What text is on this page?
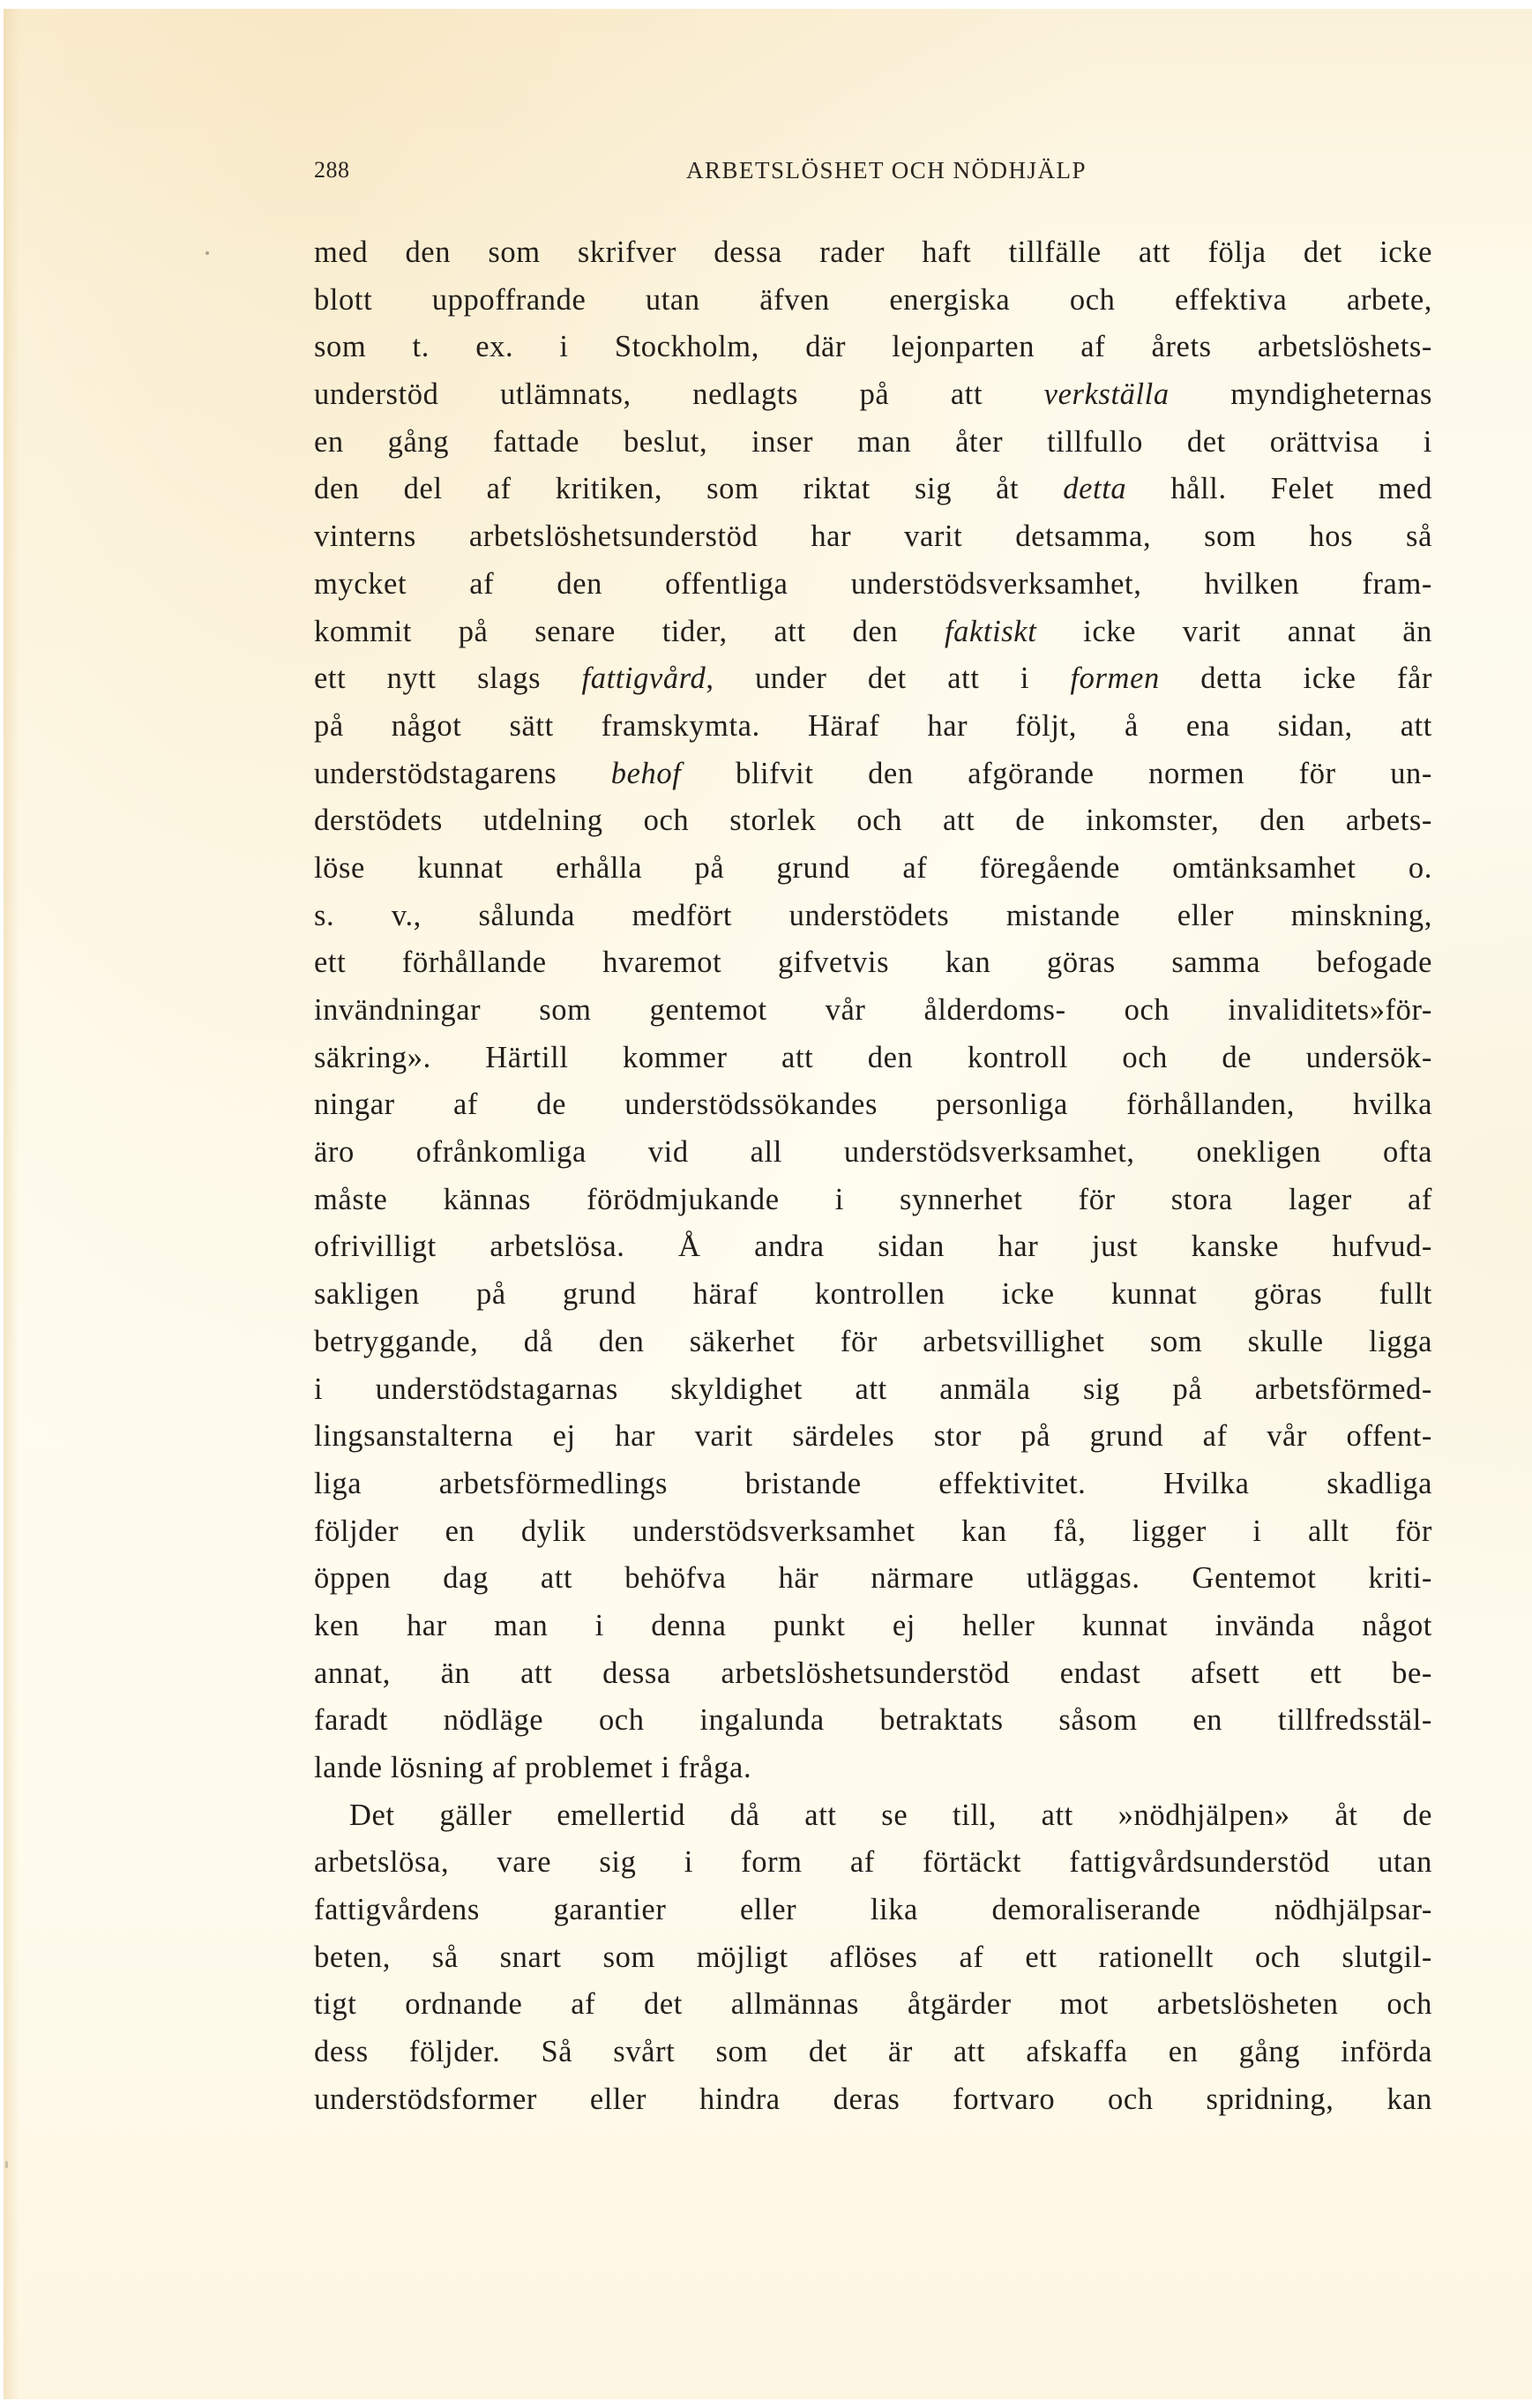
288	ARBETSLÖSHET OCH NÖDHJÄLP
med den som skrifver dessa rader haft tillfälle att följa det icke
blott uppoffrande utan äfven energiska och effektiva arbete,
som t. ex. i Stockholm, där lejonparten af årets arbetslöshets-
understöd utlämnats, nedlagts på att verkställa myndigheternas
en gång fattade beslut, inser man åter tillfullo det orättvisa i
den del af kritiken, som riktat sig åt detta håll. Felet med
vinterns arbetslöshetsunderstöd har varit detsamma, som hos så
mycket af den offentliga understödsverksamhet, hvilken fram-
kommit på senare tider, att den faktiskt icke varit annat än
ett nytt slags fattigvård, under det att i formen detta icke får
på något sätt framskymta. Häraf har följt, å ena sidan, att
understödstagarens behof blifvit den afgörande normen för un-
derstödets utdelning och storlek och att de inkomster, den arbets-
löse kunnat erhålla på grund af föregående omtänksamhet o.
s. v., sålunda medfört understödets mistande eller minskning,
ett förhållande hvaremot gifvetvis kan göras samma befogade
invändningar som gentemot vår ålderdoms- och invaliditets»för-
säkring». Härtill kommer att den kontroll och de undersök-
ningar af de understödssökandes personliga förhållanden, hvilka
äro ofrånkomliga vid all understödsverksamhet, onekligen ofta
måste kännas förödmjukande i synnerhet för stora lager af
ofrivilligt arbetslösa. Å andra sidan har just kanske hufvud-
sakligen på grund häraf kontrollen icke kunnat göras fullt
betryggande, då den säkerhet för arbetsvillighet som skulle ligga
i understödstagarnas skyldighet att anmäla sig på arbetsförmed-
lingsanstalterna ej har varit särdeles stor på grund af vår offent-
liga arbetsförmedlings bristande effektivitet. Hvilka skadliga
följder en dylik understödsverksamhet kan få, ligger i allt för
öppen dag att behöfva här närmare utläggas. Gentemot kriti-
ken har man i denna punkt ej heller kunnat invända något
annat, än att dessa arbetslöshetsunderstöd endast afsett ett be-
faradt nödläge och ingalunda betraktats såsom en tillfredsstäl-
lande lösning af problemet i fråga.
Det gäller emellertid då att se till, att »nödhjälpen» åt de
arbetslösa, vare sig i form af förtäckt fattigvårdsunderstöd utan
fattigvårdens garantier eller lika demoraliserande nödhjälpsar-
beten, så snart som möjligt aflöses af ett rationellt och slutgil-
tigt ordnande af det allmännas åtgärder mot arbetslösheten och
dess följder. Så svårt som det är att afskaffa en gång införda
understödsformer eller hindra deras fortvaro och spridning, kan
